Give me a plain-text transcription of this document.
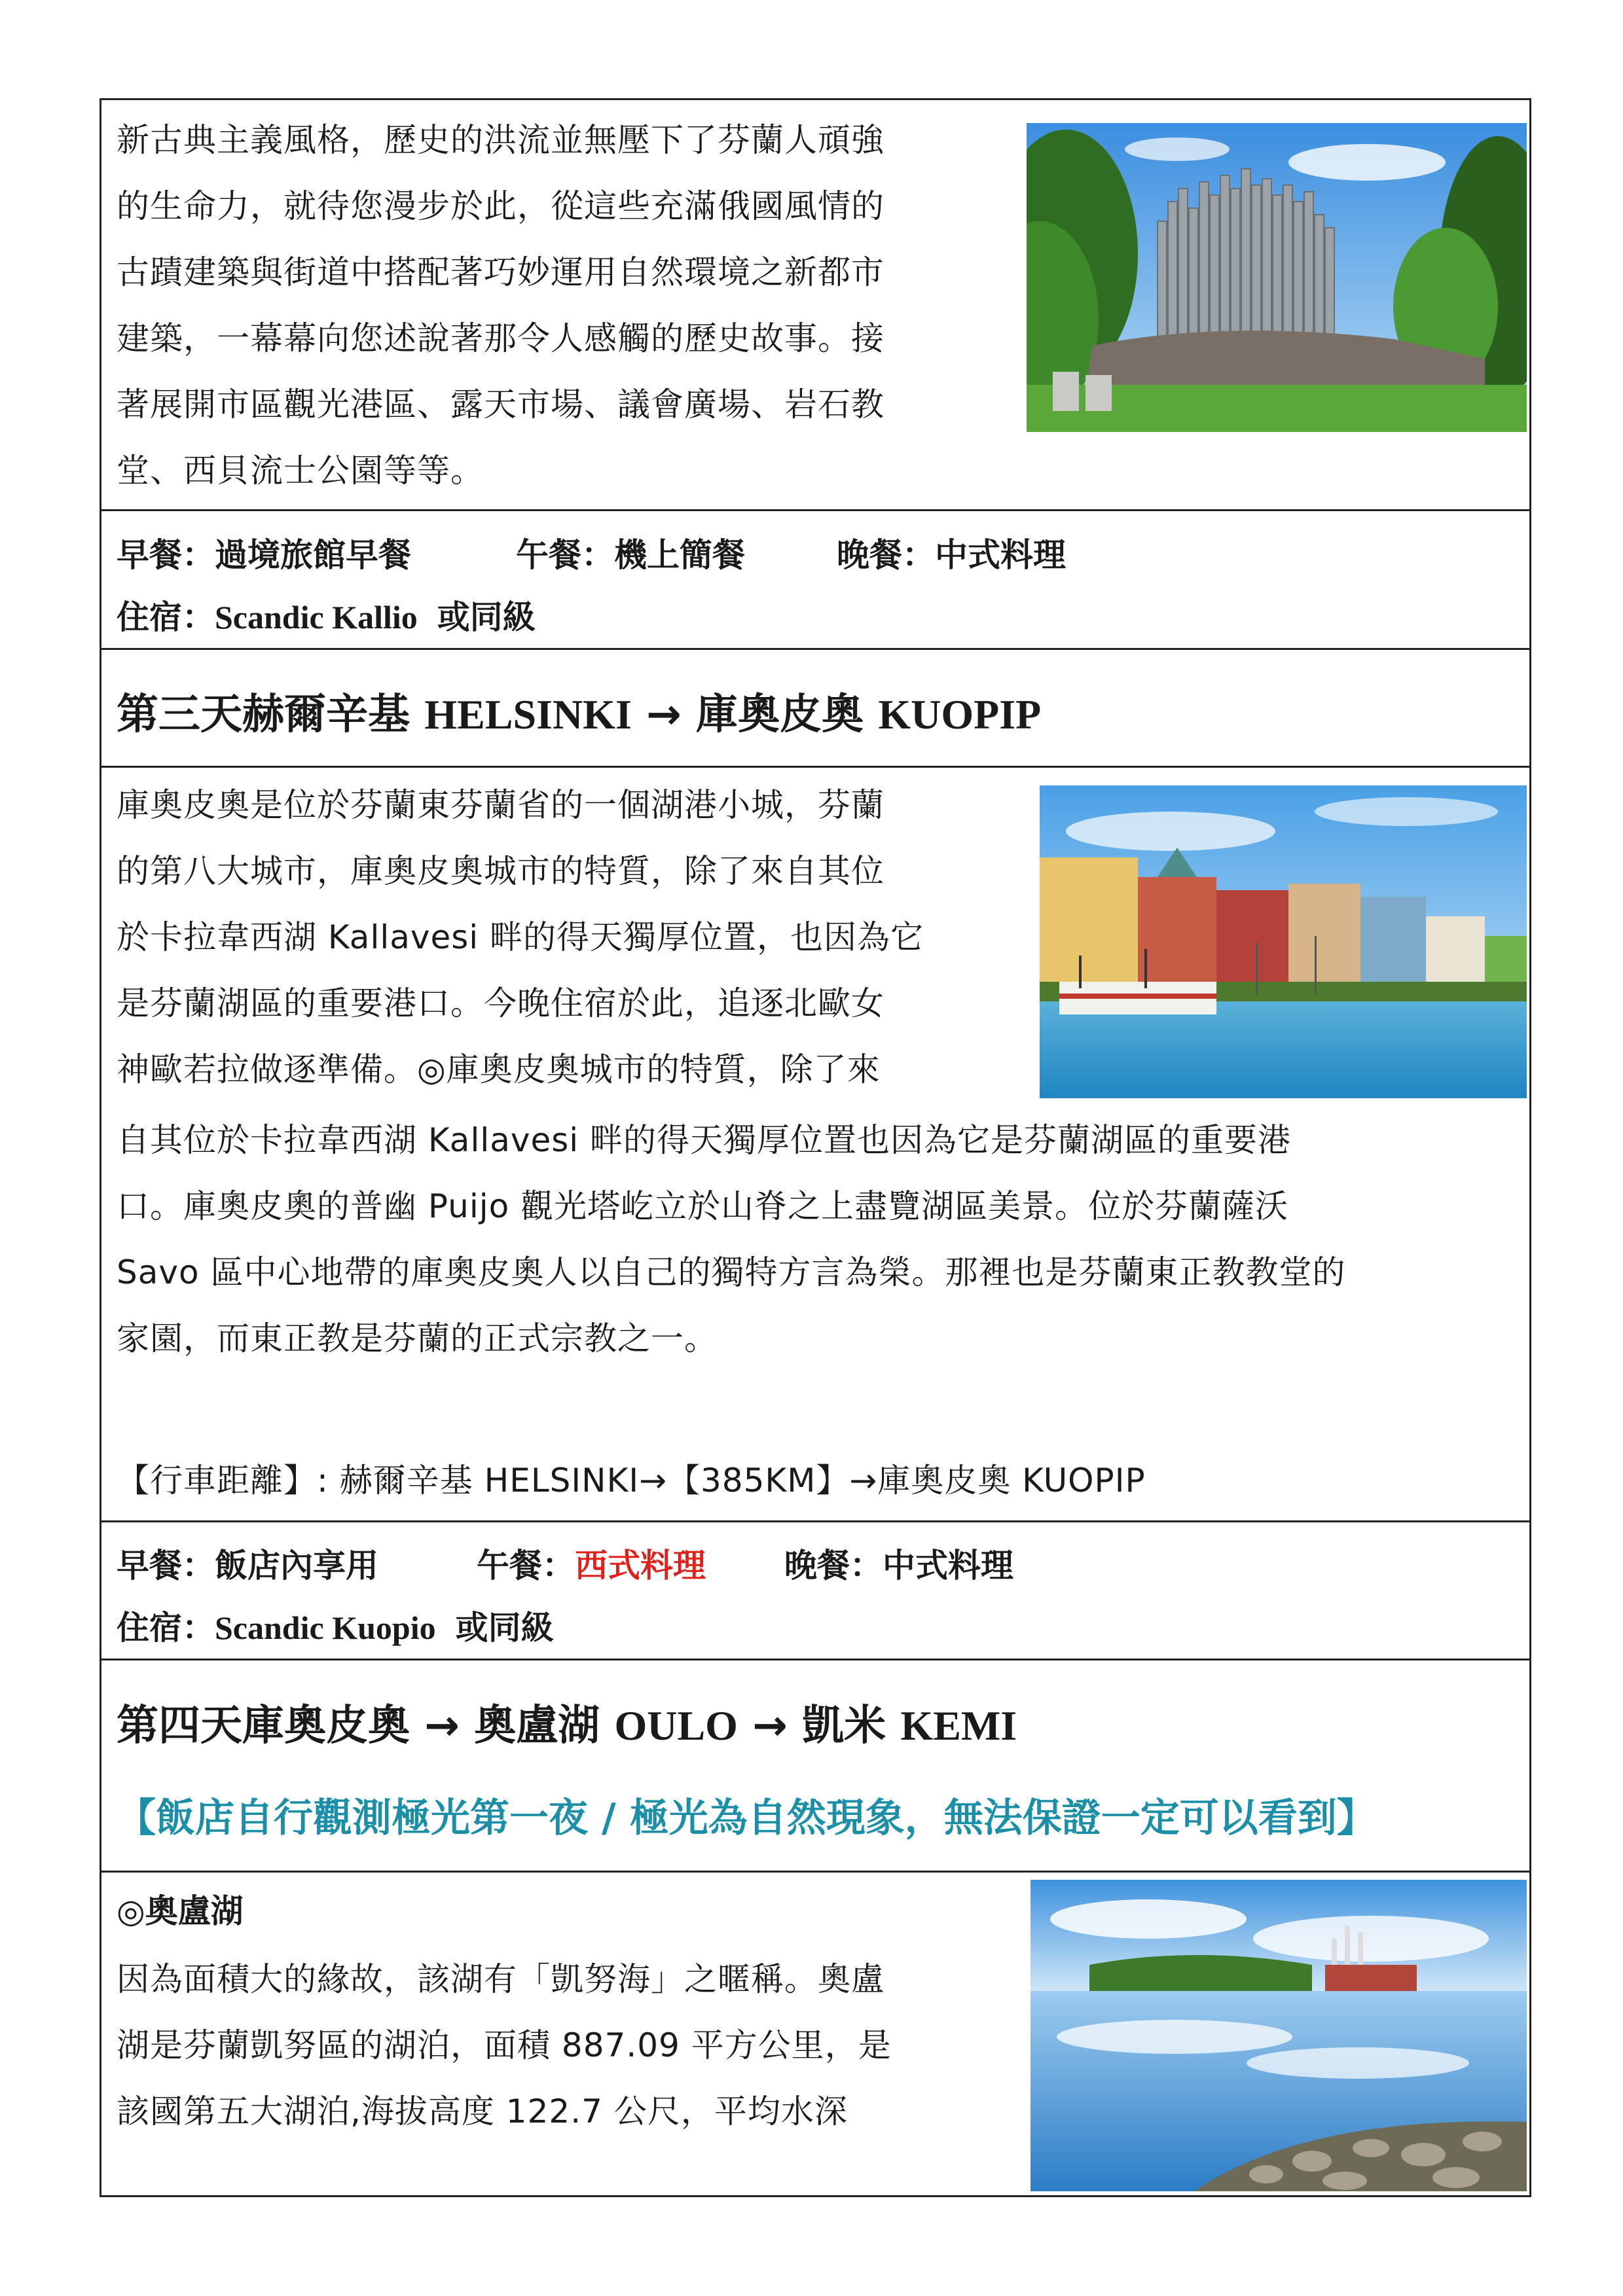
新古典主義風格，歷史的洪流並無壓下了芬蘭人頑強
的生命力，就待您漫步於此，從這些充滿俄國風情的
古蹟建築與街道中搭配著巧妙運用自然環境之新都市
建築，一幕幕向您述說著那令人感觸的歷史故事。接
著展開市區觀光港區、露天市場、議會廣場、岩石教
堂、西貝流士公園等等。
早餐：過境旅館早餐	午餐：機上簡餐	晚餐：中式料理
住宿：Scandic Kallio 或同級
第三天赫爾辛基 HELSINKI → 庫奧皮奧 KUOPIP
庫奧皮奧是位於芬蘭東芬蘭省的一個湖港小城，芬蘭
的第八大城市，庫奧皮奧城市的特質，除了來自其位
於卡拉韋西湖 Kallavesi 畔的得天獨厚位置，也因為它
是芬蘭湖區的重要港口。今晚住宿於此，追逐北歐女
神歐若拉做逐準備。◎庫奧皮奧城市的特質，除了來
自其位於卡拉韋西湖 Kallavesi 畔的得天獨厚位置也因為它是芬蘭湖區的重要港
口。庫奧皮奧的普幽 Puijo 觀光塔屹立於山脊之上盡覽湖區美景。位於芬蘭薩沃
Savo 區中心地帶的庫奧皮奧人以自己的獨特方言為榮。那裡也是芬蘭東正教教堂的
家園，而東正教是芬蘭的正式宗教之一。
【行車距離】: 赫爾辛基 HELSINKI→【385KM】→庫奧皮奧 KUOPIP
早餐：飯店內享用	午餐：西式料理 晚餐：中式料理
住宿：Scandic Kuopio 或同級
第四天庫奧皮奧 → 奧盧湖 OULO → 凱米 KEMI
【飯店自行觀測極光第一夜 / 極光為自然現象，無法保證一定可以看到】
◎奧盧湖
因為面積大的緣故，該湖有「凱努海」之暱稱。奧盧
湖是芬蘭凱努區的湖泊，面積 887.09 平方公里，是
該國第五大湖泊,海拔高度 122.7 公尺，平均水深
